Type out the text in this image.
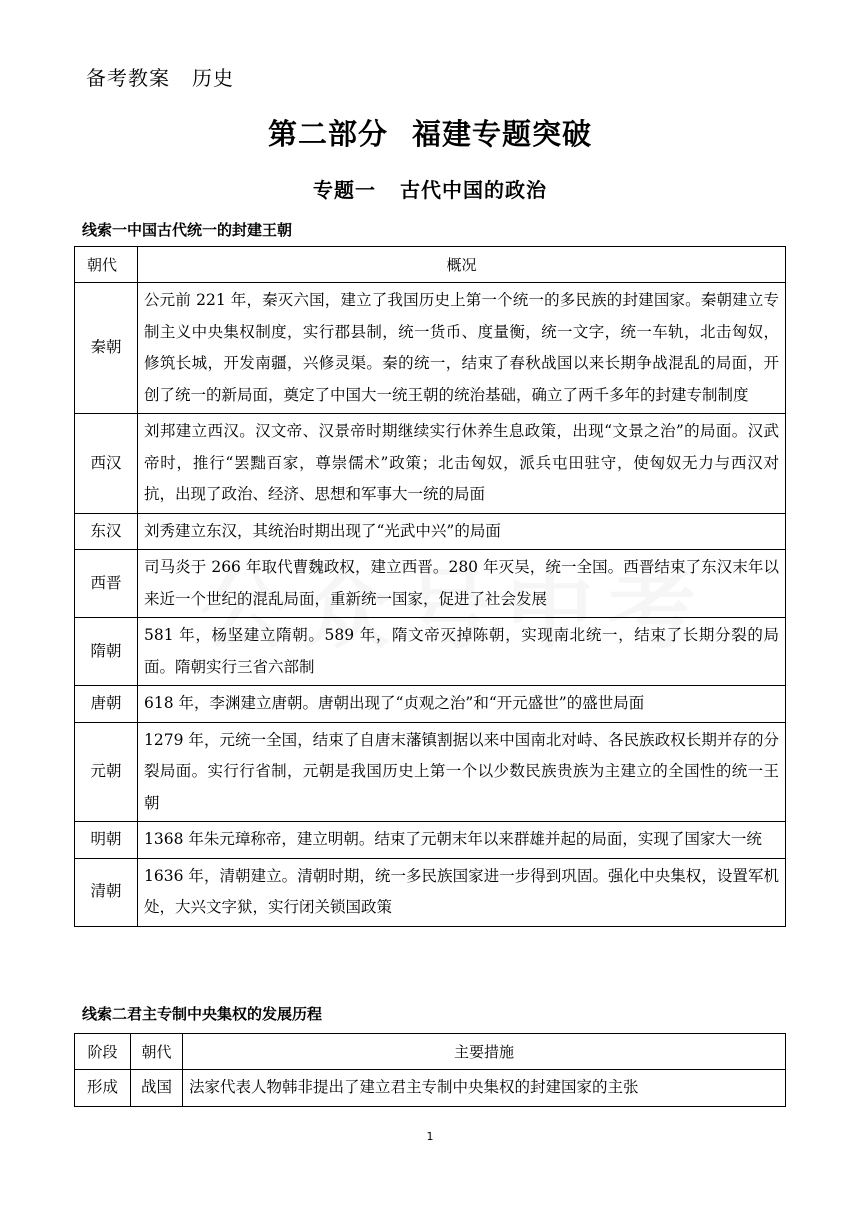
备考教案 历史
第二部分 福建专题突破
专题一 古代中国的政治
线索一中国古代统一的封建王朝
朝代	概况
秦朝	公元前 221 年，秦灭六国，建立了我国历史上第一个统一的多民族的封建国家。秦朝建立专制主义中央集权制度，实行郡县制，统一货币、度量衡，统一文字，统一车轨，北击匈奴，修筑长城，开发南疆，兴修灵渠。秦的统一，结束了春秋战国以来长期争战混乱的局面，开创了统一的新局面，奠定了中国大一统王朝的统治基础，确立了两千多年的封建专制制度
西汉	刘邦建立西汉。汉文帝、汉景帝时期继续实行休养生息政策，出现“文景之治”的局面。汉武帝时，推行“罢黜百家，尊崇儒术”政策；北击匈奴，派兵屯田驻守，使匈奴无力与西汉对抗，出现了政治、经济、思想和军事大一统的局面
东汉	刘秀建立东汉，其统治时期出现了“光武中兴”的局面
西晋	司马炎于 266 年取代曹魏政权，建立西晋。280 年灭吴，统一全国。西晋结束了东汉末年以来近一个世纪的混乱局面，重新统一国家，促进了社会发展
隋朝	581 年，杨坚建立隋朝。589 年，隋文帝灭掉陈朝，实现南北统一，结束了长期分裂的局面。隋朝实行三省六部制
唐朝	618 年，李渊建立唐朝。唐朝出现了“贞观之治”和“开元盛世”的盛世局面
元朝	1279 年，元统一全国，结束了自唐末藩镇割据以来中国南北对峙、各民族政权长期并存的分裂局面。实行行省制，元朝是我国历史上第一个以少数民族贵族为主建立的全国性的统一王朝
明朝	1368 年朱元璋称帝，建立明朝。结束了元朝末年以来群雄并起的局面，实现了国家大一统
清朝	1636 年，清朝建立。清朝时期，统一多民族国家进一步得到巩固。强化中央集权，设置军机处，大兴文字狱，实行闭关锁国政策
线索二君主专制中央集权的发展历程
阶段	朝代	主要措施
形成	战国	法家代表人物韩非提出了建立君主专制中央集权的封建国家的主张
1
